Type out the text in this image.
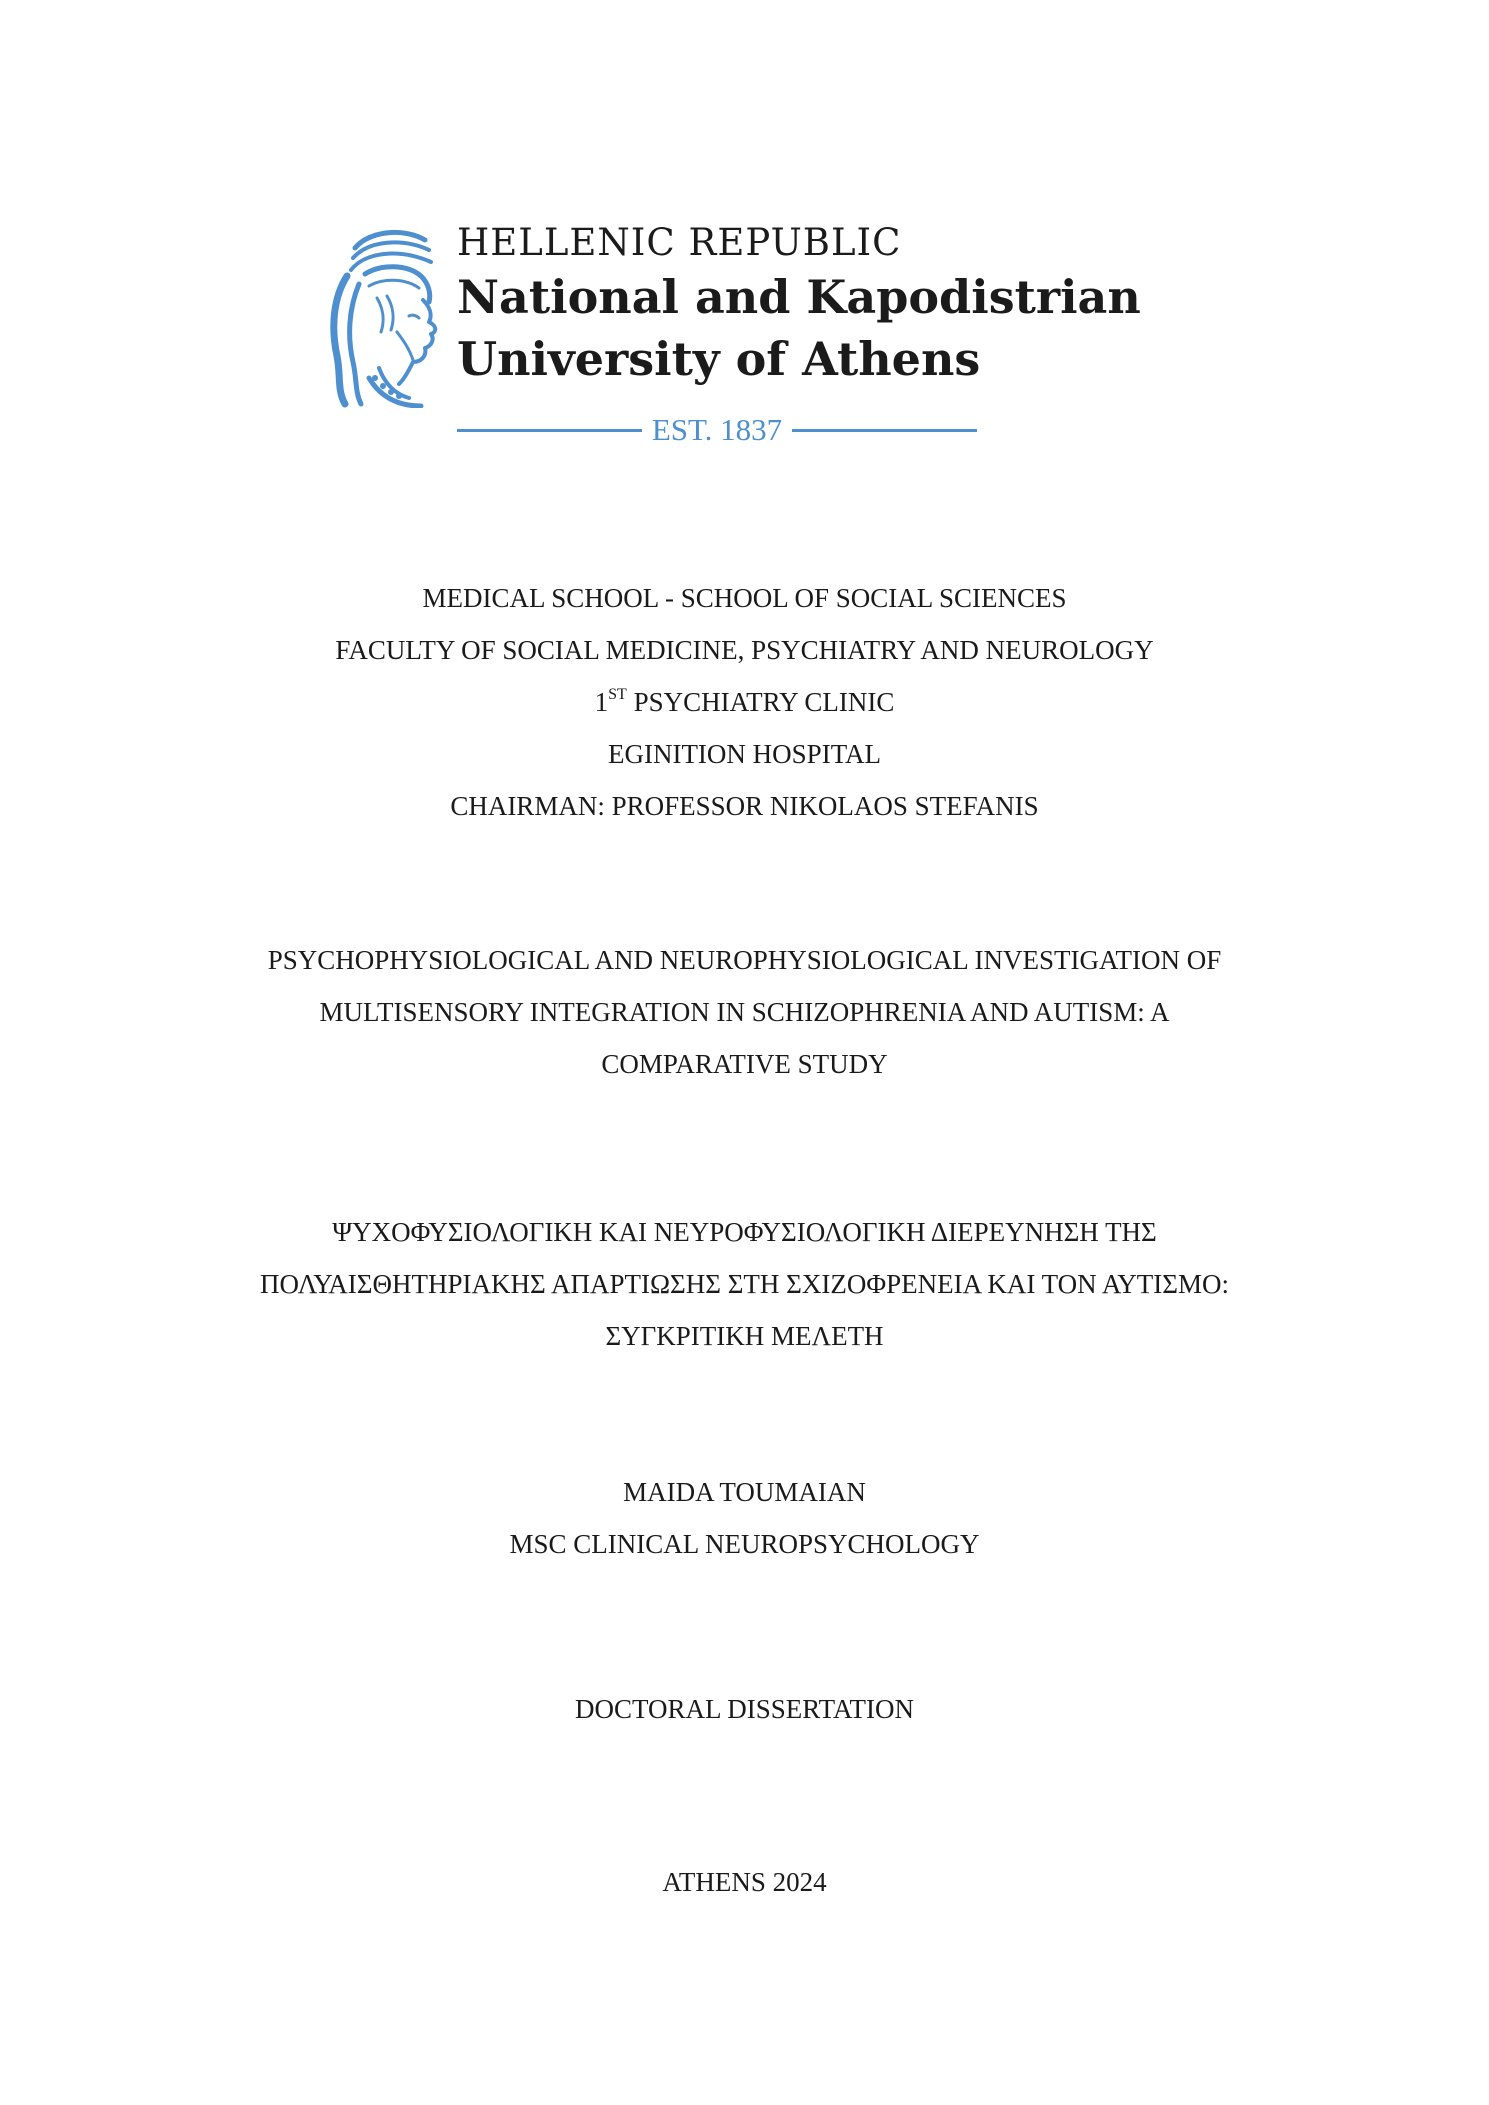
HELLENIC REPUBLIC
National and Kapodistrian
University of Athens
EST. 1837
MEDICAL SCHOOL - SCHOOL OF SOCIAL SCIENCES
FACULTY OF SOCIAL MEDICINE, PSYCHIATRY AND NEUROLOGY
1ST PSYCHIATRY CLINIC
EGINITION HOSPITAL
CHAIRMAN: PROFESSOR NIKOLAOS STEFANIS
PSYCHOPHYSIOLOGICAL AND NEUROPHYSIOLOGICAL INVESTIGATION OF
MULTISENSORY INTEGRATION IN SCHIZOPHRENIA AND AUTISM: A
COMPARATIVE STUDY
ΨΥΧΟΦΥΣΙΟΛΟΓΙΚΗ ΚΑΙ ΝΕΥΡΟΦΥΣΙΟΛΟΓΙΚΗ ΔΙΕΡΕΥΝΗΣΗ ΤΗΣ
ΠΟΛΥΑΙΣΘΗΤΗΡΙΑΚΗΣ ΑΠΑΡΤΙΩΣΗΣ ΣΤΗ ΣΧΙΖΟΦΡΕΝΕΙΑ ΚΑΙ ΤΟΝ ΑΥΤΙΣΜΟ:
ΣΥΓΚΡΙΤΙΚΗ ΜΕΛΕΤΗ
MAIDA TOUMAIAN
MSC CLINICAL NEUROPSYCHOLOGY
DOCTORAL DISSERTATION
ATHENS 2024
